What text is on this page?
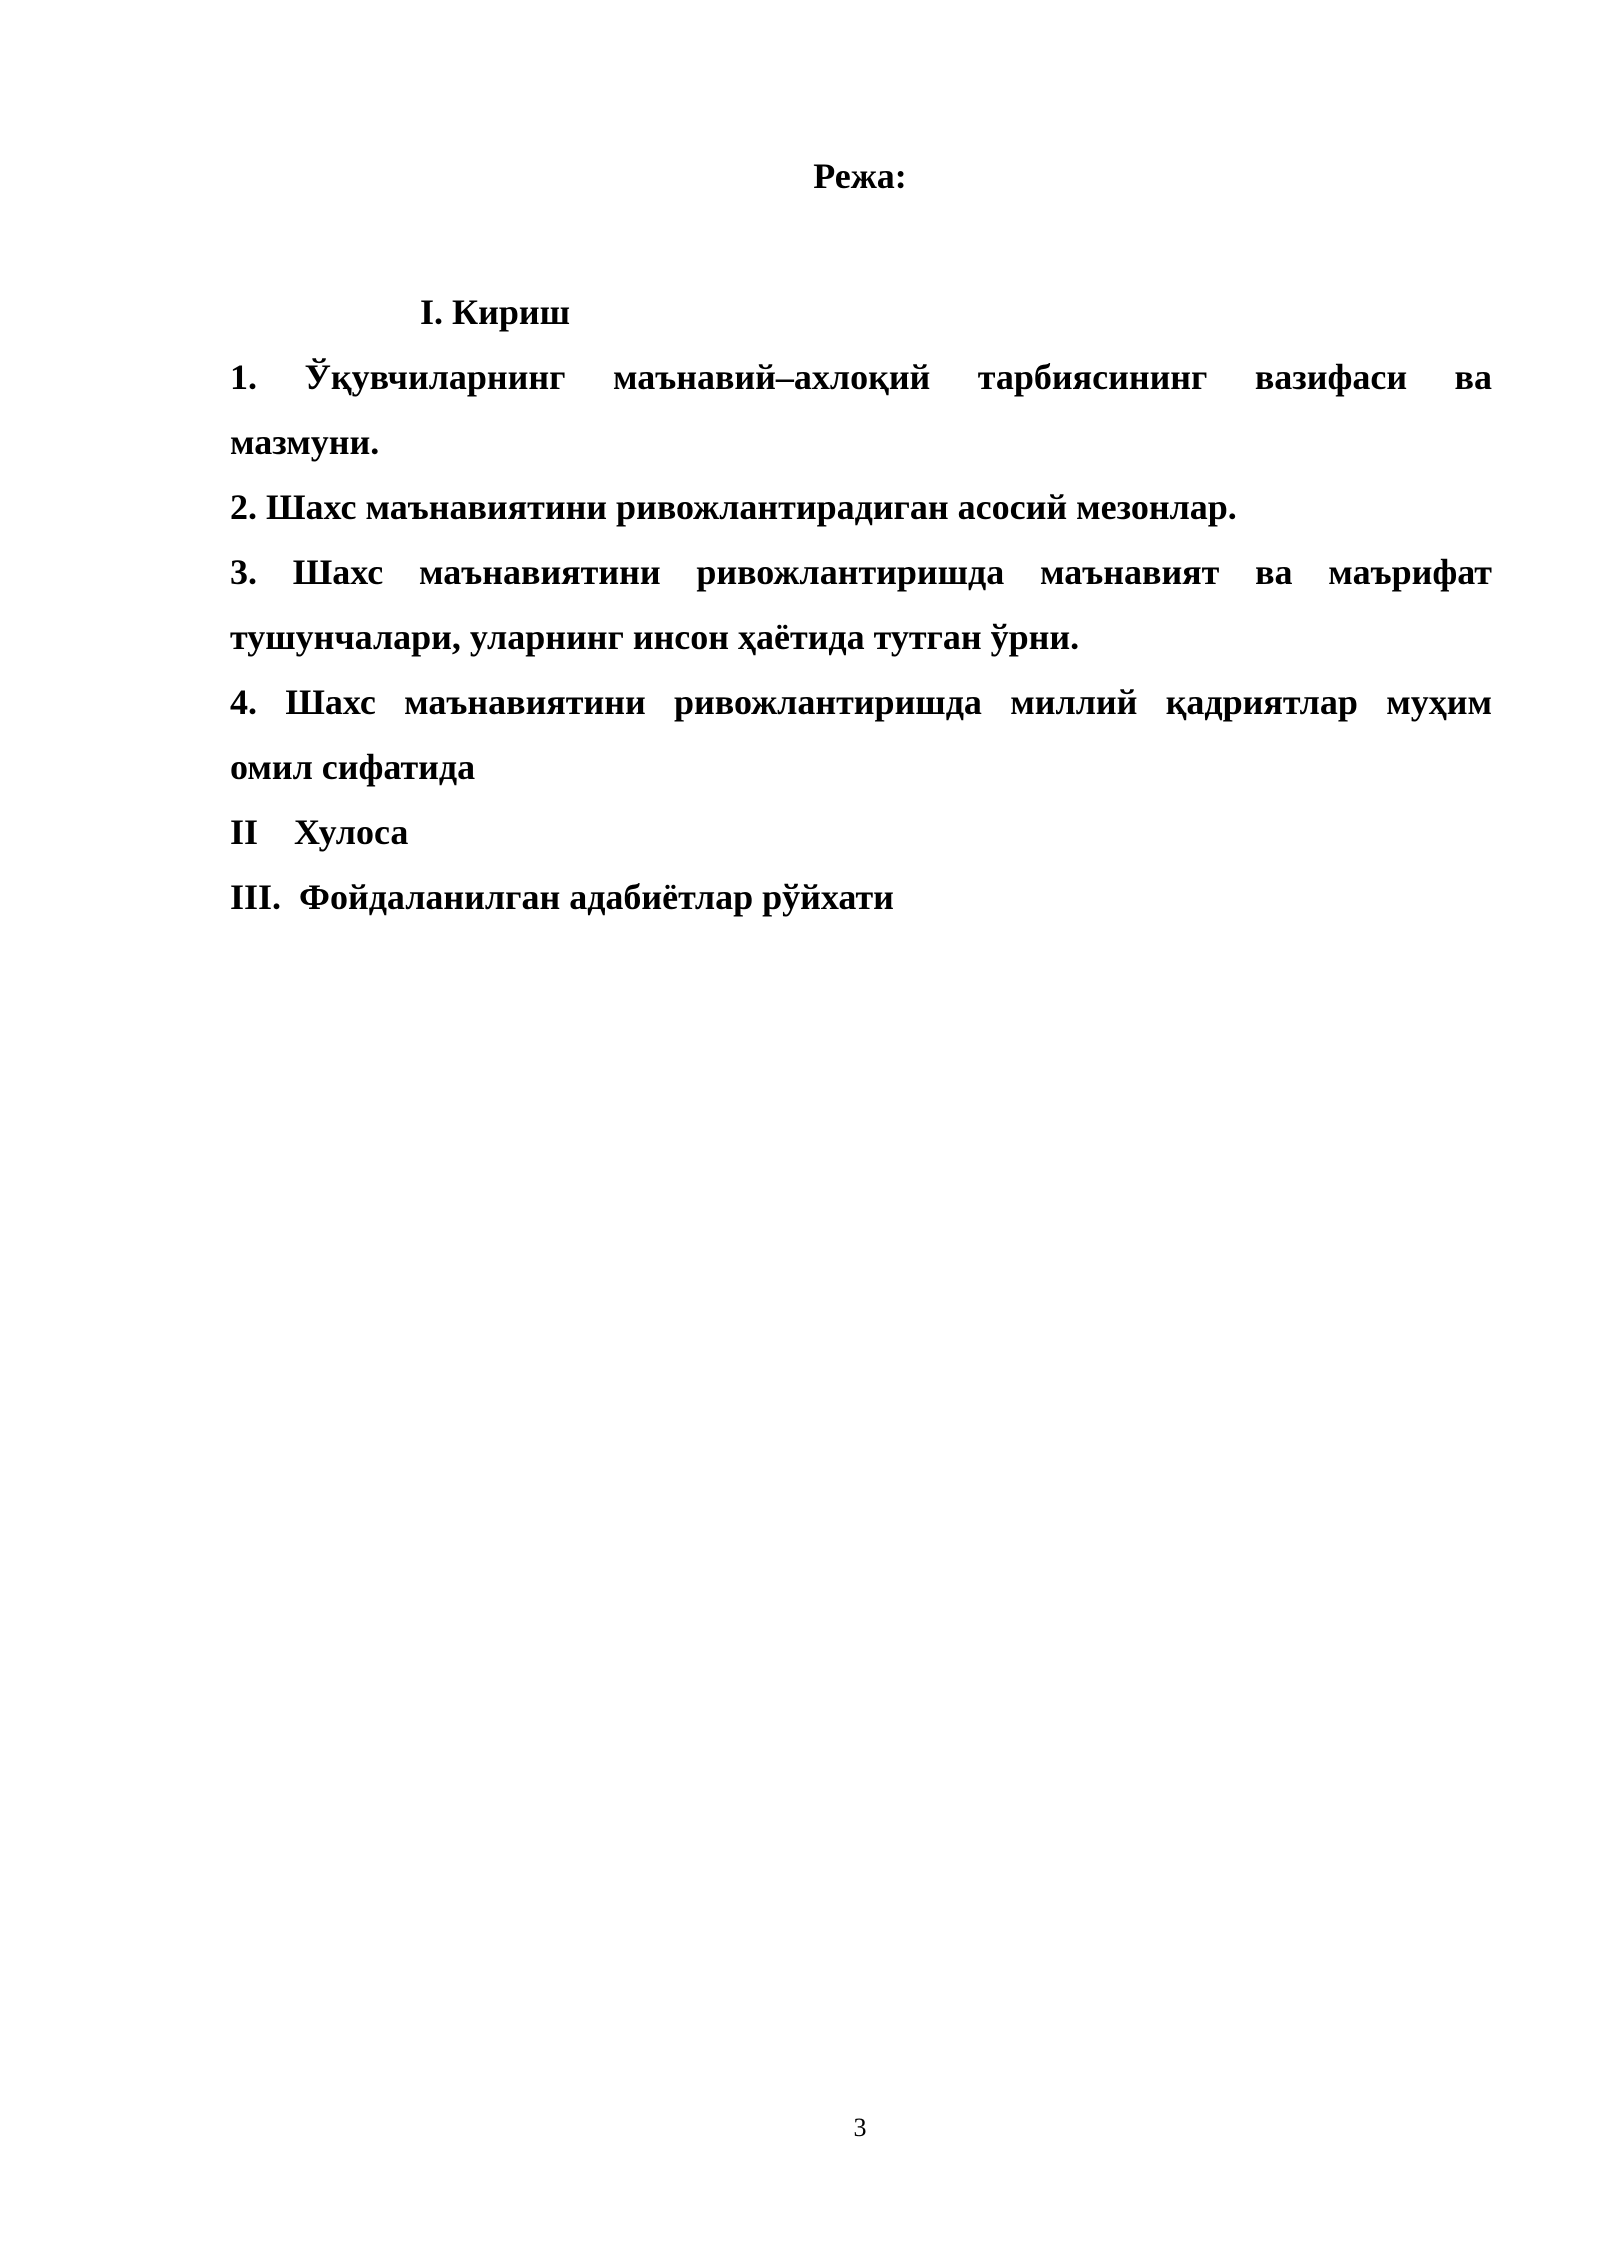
Режа:
I. Кириш
1. Ўқувчиларнинг маънавий–ахлоқий тарбиясининг вазифаси ва
мазмуни.
2. Шахс маънавиятини ривожлантирадиган асосий мезонлар.
3. Шахс маънавиятини ривожлантиришда маънавият ва маърифат
тушунчалари, уларнинг инсон ҳаётида тутган ўрни.
4. Шахс маънавиятини ривожлантиришда миллий қадриятлар муҳим
омил сифатида
II    Хулоса
III.  Фойдаланилган адабиётлар рўйхати
3
